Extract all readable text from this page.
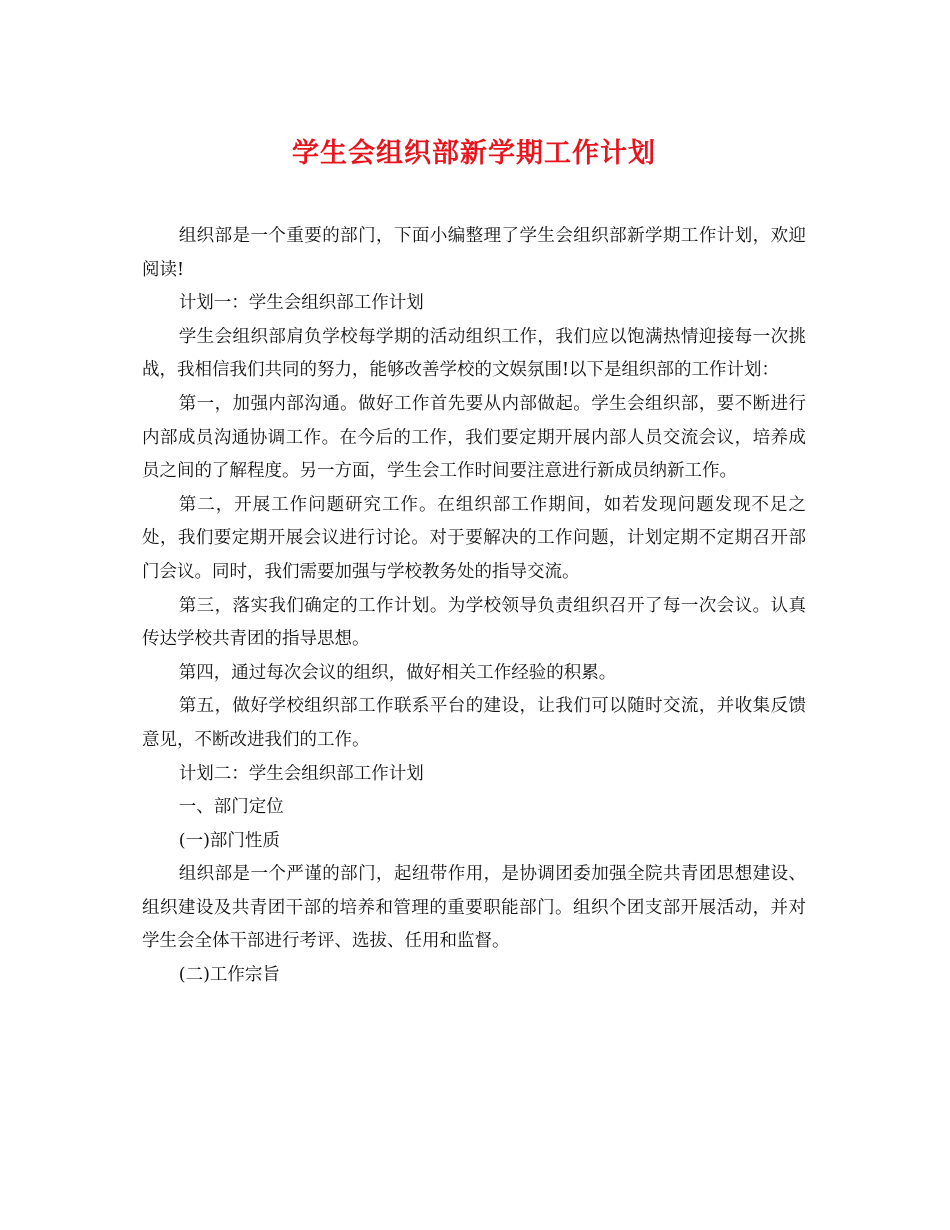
学生会组织部新学期工作计划

组织部是一个重要的部门，下面小编整理了学生会组织部新学期工作计划，欢迎阅读!

计划一：学生会组织部工作计划

学生会组织部肩负学校每学期的活动组织工作，我们应以饱满热情迎接每一次挑战，我相信我们共同的努力，能够改善学校的文娱氛围!以下是组织部的工作计划：

第一，加强内部沟通。做好工作首先要从内部做起。学生会组织部，要不断进行内部成员沟通协调工作。在今后的工作，我们要定期开展内部人员交流会议，培养成员之间的了解程度。另一方面，学生会工作时间要注意进行新成员纳新工作。

第二，开展工作问题研究工作。在组织部工作期间，如若发现问题发现不足之处，我们要定期开展会议进行讨论。对于要解决的工作问题，计划定期不定期召开部门会议。同时，我们需要加强与学校教务处的指导交流。

第三，落实我们确定的工作计划。为学校领导负责组织召开了每一次会议。认真传达学校共青团的指导思想。

第四，通过每次会议的组织，做好相关工作经验的积累。

第五，做好学校组织部工作联系平台的建设，让我们可以随时交流，并收集反馈意见，不断改进我们的工作。

计划二：学生会组织部工作计划

一、部门定位

(一)部门性质

组织部是一个严谨的部门，起纽带作用，是协调团委加强全院共青团思想建设、组织建设及共青团干部的培养和管理的重要职能部门。组织个团支部开展活动，并对学生会全体干部进行考评、选拔、任用和监督。

(二)工作宗旨
